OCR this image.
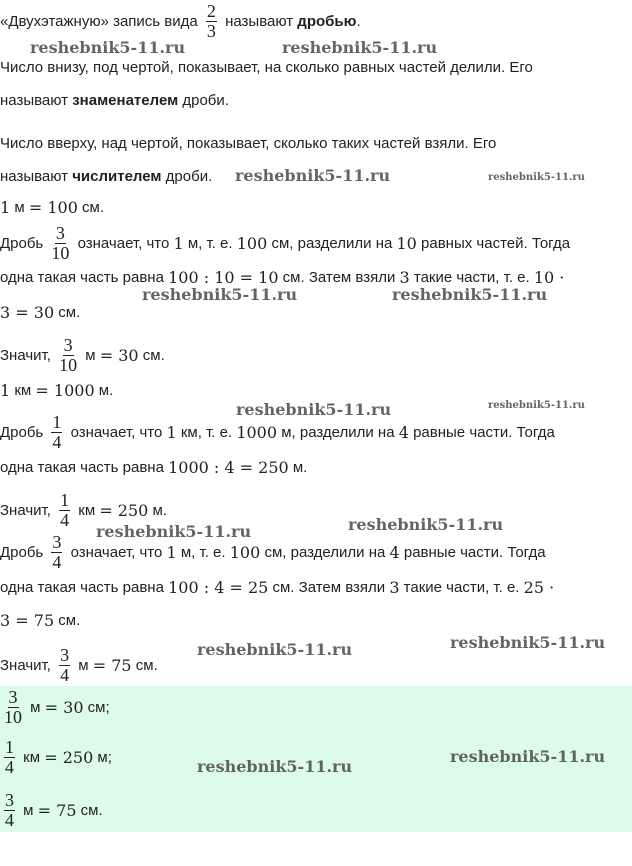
«Двухэтажную» запись вида $\frac{2}{3}$ называют дробью .
Число внизу, под чертой, показывает, на сколько равных частей делили. Его
называют знаменателем дроби.
Число вверху, над чертой, показывает, сколько таких частей взяли. Его
называют числителем дроби.
1 м = 100 см.
Дробь $\frac{3}{10}$ означает, что 1 м, т. е. 100 см, разделили на 10 равных частей. Тогда
одна такая часть равна 100 : 10 = 10 см. Затем взяли 3 такие части, т. е. 10 ·
3 = 30 см.
Значит, $\frac{3}{10}$ м = 30 см.
1 км = 1000 м.
Дробь $\frac{1}{4}$ означает, что 1 км, т. е. 1000 м, разделили на 4 равные части. Тогда
одна такая часть равна 1000 : 4 = 250 м.
Значит, $\frac{1}{4}$ км = 250 м.
Дробь $\frac{3}{4}$ означает, что 1 м, т. е. 100 см, разделили на 4 равные части. Тогда
одна такая часть равна 100 : 4 = 25 см. Затем взяли 3 такие части, т. е. 25 ·
3 = 75 см.
Значит, $\frac{3}{4}$ м = 75 см.
$\frac{3}{10}$ м = 30 см;
$\frac{1}{4}$ км = 250 м;
$\frac{3}{4}$ м = 75 см.
reshebnik5-11.ru	reshebnik5-11.ru
reshebnik5-11.ru	reshebnik5-11.ru
reshebnik5-11.ru	reshebnik5-11.ru
reshebnik5-11.ru	reshebnik5-11.ru
reshebnik5-11.ru	reshebnik5-11.ru
reshebnik5-11.ru
reshebnik5-11.ru
reshebnik5-11.ru
reshebnik5-11.ru
